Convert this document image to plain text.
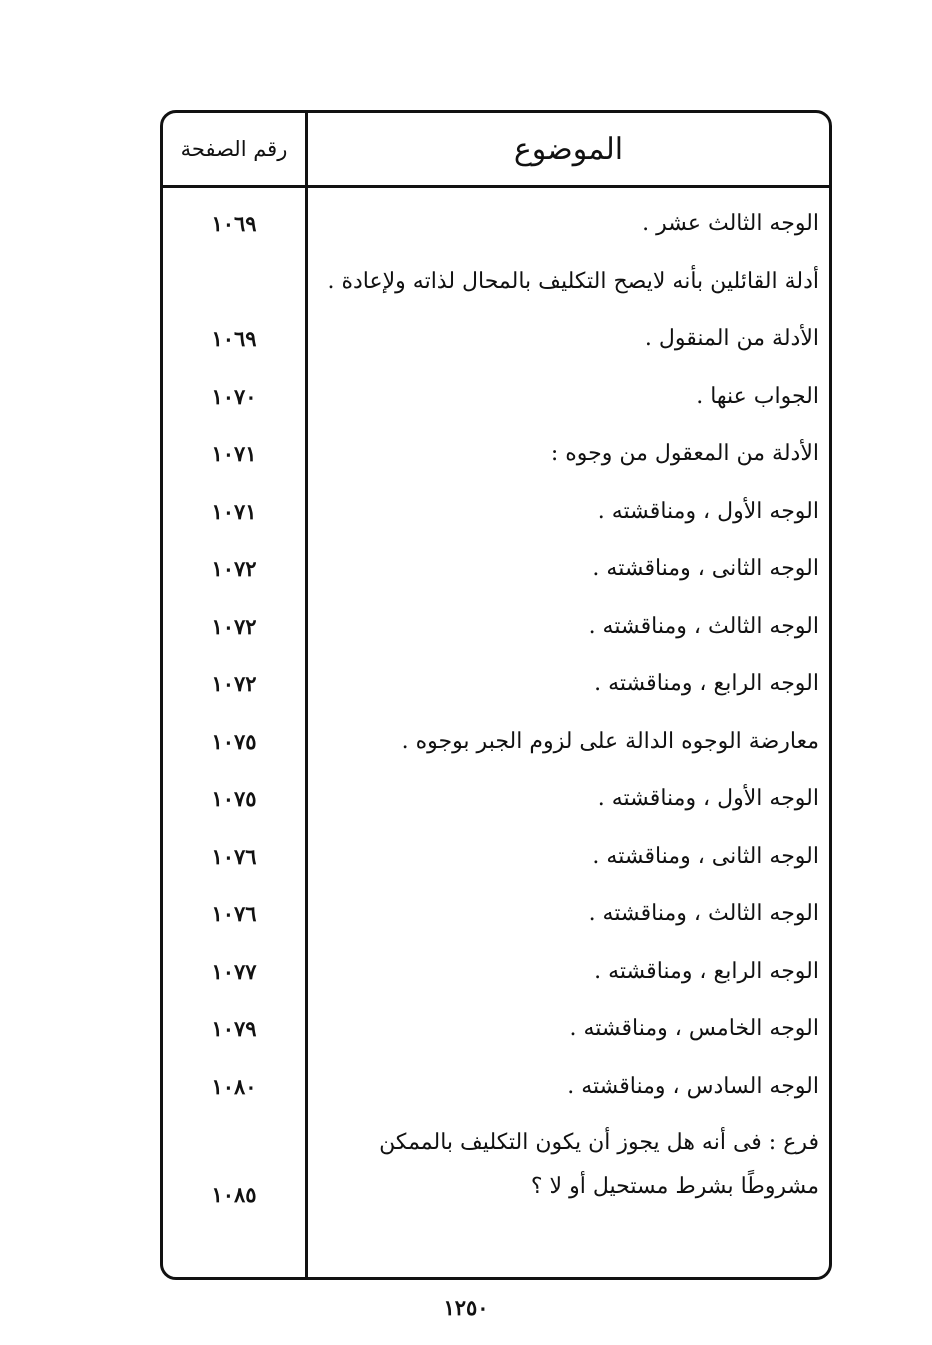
الموضوع
رقم الصفحة
الوجه الثالث عشر .
١٠٦٩
أدلة القائلين بأنه لايصح التكليف بالمحال لذاته ولإعادة .
الأدلة من المنقول .
١٠٦٩
الجواب عنها .
١٠٧٠
الأدلة من المعقول من وجوه :
١٠٧١
الوجه الأول ، ومناقشته .
١٠٧١
الوجه الثانى ، ومناقشته .
١٠٧٢
الوجه الثالث ، ومناقشته .
١٠٧٢
الوجه الرابع ، ومناقشته .
١٠٧٢
معارضة الوجوه الدالة على لزوم الجبر بوجوه .
١٠٧٥
الوجه الأول ، ومناقشته .
١٠٧٥
الوجه الثانى ، ومناقشته .
١٠٧٦
الوجه الثالث ، ومناقشته .
١٠٧٦
الوجه الرابع ، ومناقشته .
١٠٧٧
الوجه الخامس ، ومناقشته .
١٠٧٩
الوجه السادس ، ومناقشته .
١٠٨٠
فرع : فى أنه هل يجوز أن يكون التكليف بالممكن مشروطًا بشرط مستحيل أو لا ؟
١٠٨٥
١٢٥٠
